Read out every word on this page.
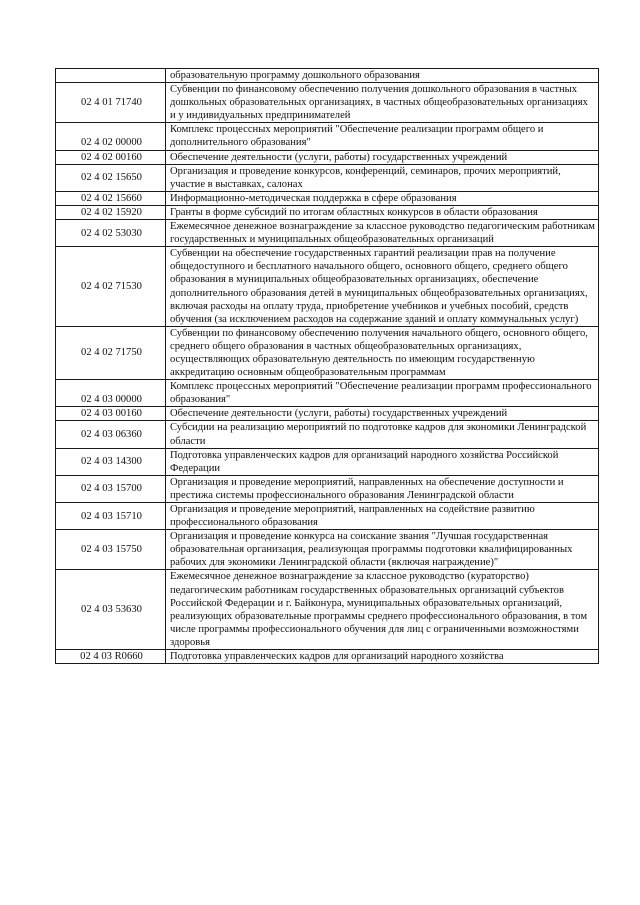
	образовательную программу дошкольного образования
02 4 01 71740	Субвенции по финансовому обеспечению получения дошкольного образования в частных дошкольных образовательных организациях, в частных общеобразовательных организациях и у индивидуальных предпринимателей
02 4 02 00000	Комплекс процессных мероприятий "Обеспечение реализации программ общего и дополнительного образования"
02 4 02 00160	Обеспечение деятельности (услуги, работы) государственных учреждений
02 4 02 15650	Организация и проведение конкурсов, конференций, семинаров, прочих мероприятий, участие в выставках, салонах
02 4 02 15660	Информационно-методическая поддержка в сфере образования
02 4 02 15920	Гранты в форме субсидий по итогам областных конкурсов в области образования
02 4 02 53030	Ежемесячное денежное вознаграждение за классное руководство педагогическим работникам государственных и муниципальных общеобразовательных организаций
02 4 02 71530	Субвенции на обеспечение государственных гарантий реализации прав на получение общедоступного и бесплатного начального общего, основного общего, среднего общего образования в муниципальных общеобразовательных организациях, обеспечение дополнительного образования детей в муниципальных общеобразовательных организациях, включая расходы на оплату труда, приобретение учебников и учебных пособий, средств обучения (за исключением расходов на содержание зданий и оплату коммунальных услуг)
02 4 02 71750	Субвенции по финансовому обеспечению получения начального общего, основного общего, среднего общего образования в частных общеобразовательных организациях, осуществляющих образовательную деятельность по имеющим государственную аккредитацию основным общеобразовательным программам
02 4 03 00000	Комплекс процессных мероприятий "Обеспечение реализации программ профессионального образования"
02 4 03 00160	Обеспечение деятельности (услуги, работы) государственных учреждений
02 4 03 06360	Субсидии на реализацию мероприятий по подготовке кадров для экономики Ленинградской области
02 4 03 14300	Подготовка управленческих кадров для организаций народного хозяйства Российской Федерации
02 4 03 15700	Организация и проведение мероприятий, направленных на обеспечение доступности и престижа системы профессионального образования Ленинградской области
02 4 03 15710	Организация и проведение мероприятий, направленных на содействие развитию профессионального образования
02 4 03 15750	Организация и проведение конкурса на соискание звания "Лучшая государственная образовательная организация, реализующая программы подготовки квалифицированных рабочих для экономики Ленинградской области (включая награждение)"
02 4 03 53630	Ежемесячное денежное вознаграждение за классное руководство (кураторство) педагогическим работникам государственных образовательных организаций субъектов Российской Федерации и г. Байконура, муниципальных образовательных организаций, реализующих образовательные программы среднего профессионального образования, в том числе программы профессионального обучения для лиц с ограниченными возможностями здоровья
02 4 03 R0660	Подготовка управленческих кадров для организаций народного хозяйства
